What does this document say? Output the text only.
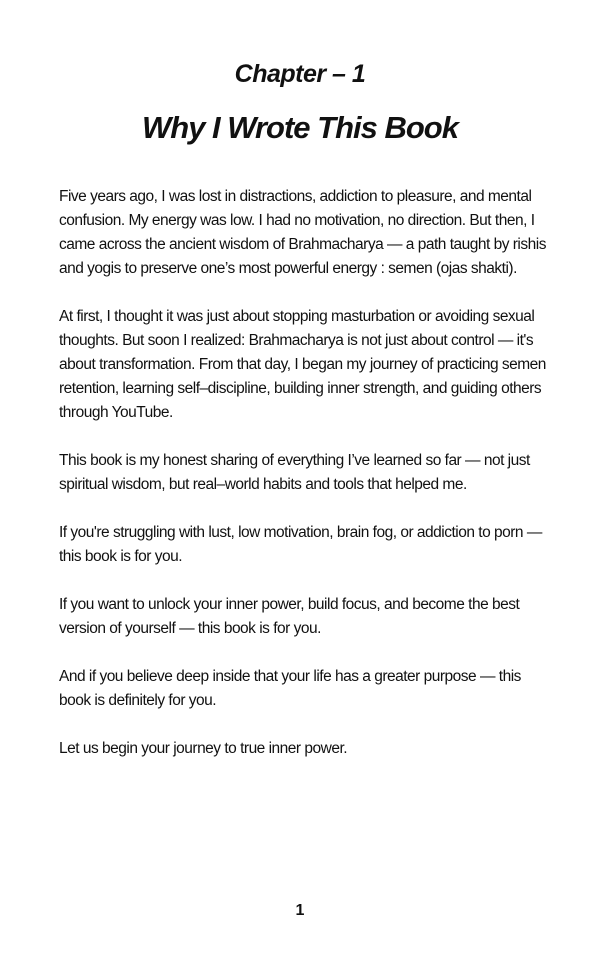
Chapter – 1
Why I Wrote This Book

Five years ago, I was lost in distractions, addiction to pleasure, and mental confusion. My energy was low. I had no motivation, no direction. But then, I came across the ancient wisdom of Brahmacharya — a path taught by rishis and yogis to preserve one’s most powerful energy : semen (ojas shakti).

At first, I thought it was just about stopping masturbation or avoiding sexual thoughts. But soon I realized: Brahmacharya is not just about control — it's about transformation. From that day, I began my journey of practicing semen retention, learning self–discipline, building inner strength, and guiding others through YouTube.

This book is my honest sharing of everything I’ve learned so far — not just spiritual wisdom, but real–world habits and tools that helped me.

If you're struggling with lust, low motivation, brain fog, or addiction to porn — this book is for you.

If you want to unlock your inner power, build focus, and become the best version of yourself — this book is for you.

And if you believe deep inside that your life has a greater purpose — this book is definitely for you.

Let us begin your journey to true inner power.

1
